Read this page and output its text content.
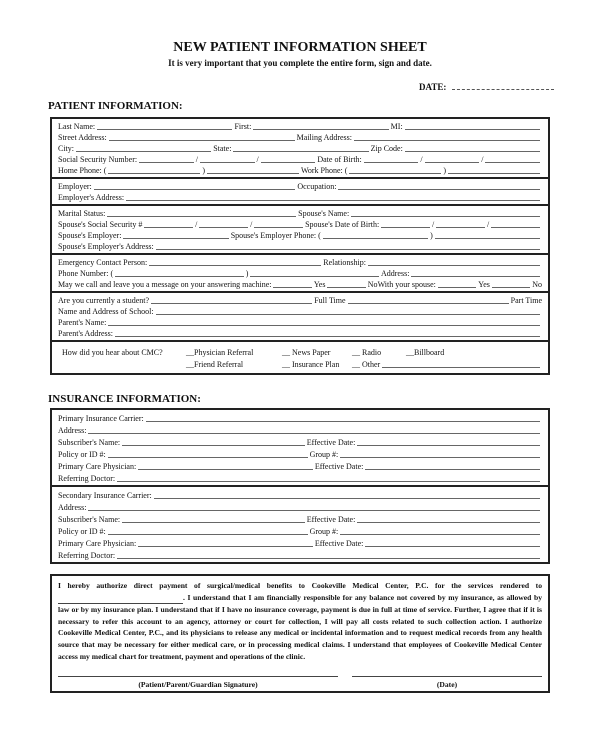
NEW PATIENT INFORMATION SHEET
It is very important that you complete the entire form, sign and date.
DATE:
PATIENT INFORMATION:
Last Name:	First:	MI:
Street Address:	Mailing Address:
City:	State:	Zip Code:
Social Security Number:	/	/	Date of Birth:	/	/
Home Phone: (	)	Work Phone: (	)
Employer:	Occupation:
Employer's Address:
Marital Status:	Spouse's Name:
Spouse's Social Security #	/	/	Spouse's Date of Birth:	/	/
Spouse's Employer:	Spouse's Employer Phone: (	)
Spouse's Employer's Address:
Emergency Contact Person:	Relationship:
Phone Number: (	)	Address:
May we call and leave you a message on your answering machine:	Yes	No With your spouse:	Yes	No
Are you currently a student?	Full Time	Part Time
Name and Address of School:
Parent's Name:
Parent's Address:
How did you hear about CMC?	__Physician Referral	__ News Paper	__ Radio	__Billboard
__Friend Referral	__ Insurance Plan	__ Other
INSURANCE INFORMATION:
Primary Insurance Carrier:
Address:
Subscriber's Name:	Effective Date:
Policy or ID #:	Group #:
Primary Care Physician:	Effective Date:
Referring Doctor:
Secondary Insurance Carrier:
Address:
Subscriber's Name:	Effective Date:
Policy or ID #:	Group #:
Primary Care Physician:	Effective Date:
Referring Doctor:
I hereby authorize direct payment of surgical/medical benefits to Cookeville Medical Center, P.C. for the services rendered to  . I understand that I am financially responsible for any balance not covered by my insurance, as allowed by law or by my insurance plan. I understand that if I have no insurance coverage, payment is due in full at time of service. Further, I agree that if it is necessary to refer this account to an agency, attorney or court for collection, I will pay all costs related to such collection action. I authorize Cookeville Medical Center, P.C., and its physicians to release any medical or incidental information and to request medical records from any health source that may be necessary for either medical care, or in processing medical claims. I understand that employees of Cookeville Medical Center access my medical chart for treatment, payment and operations of the clinic.
(Patient/Parent/Guardian Signature)	(Date)
